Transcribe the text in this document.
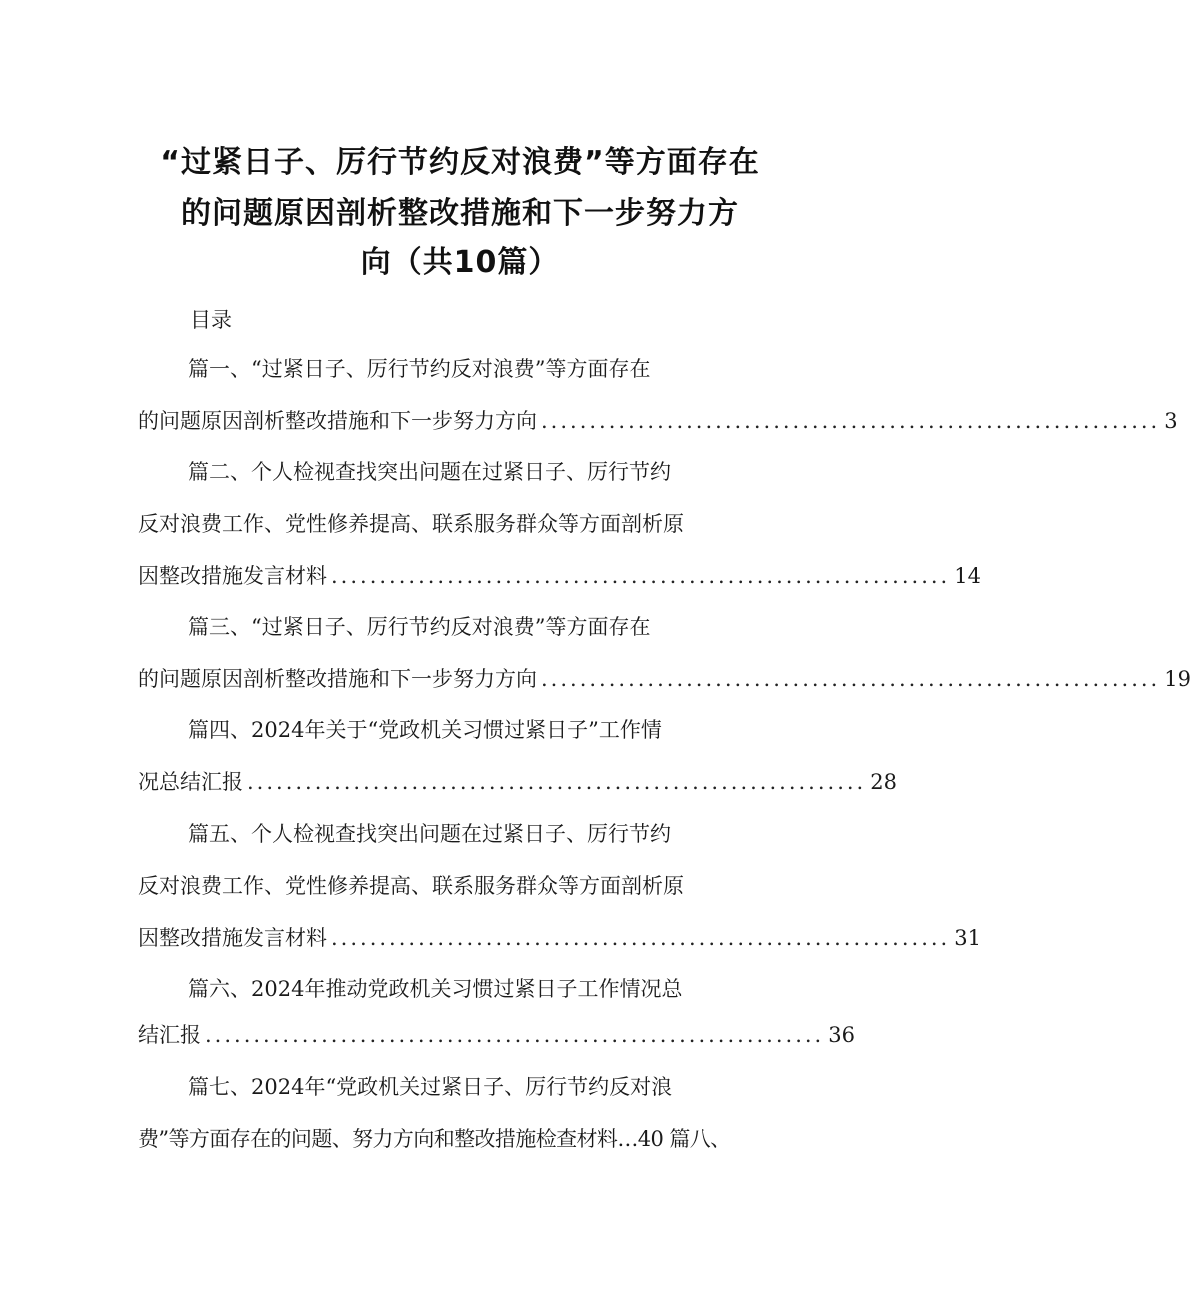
“过紧日子、厉行节约反对浪费”等方面存在
的问题原因剖析整改措施和下一步努力方
向（共10篇）
目录
篇一、“过紧日子、厉行节约反对浪费”等方面存在
的问题原因剖析整改措施和下一步努力方向 ................................................................ 3
篇二、个人检视查找突出问题在过紧日子、厉行节约
反对浪费工作、党性修养提高、联系服务群众等方面剖析原
因整改措施发言材料 ................................................................ 14
篇三、“过紧日子、厉行节约反对浪费”等方面存在
的问题原因剖析整改措施和下一步努力方向 ................................................................ 19
篇四、2024年关于“党政机关习惯过紧日子”工作情
况总结汇报 ................................................................ 28
篇五、个人检视查找突出问题在过紧日子、厉行节约
反对浪费工作、党性修养提高、联系服务群众等方面剖析原
因整改措施发言材料 ................................................................ 31
篇六、2024年推动党政机关习惯过紧日子工作情况总
结汇报 ................................................................ 36
篇七、2024年“党政机关过紧日子、厉行节约反对浪
费”等方面存在的问题、努力方向和整改措施检查材料…40 篇八、
